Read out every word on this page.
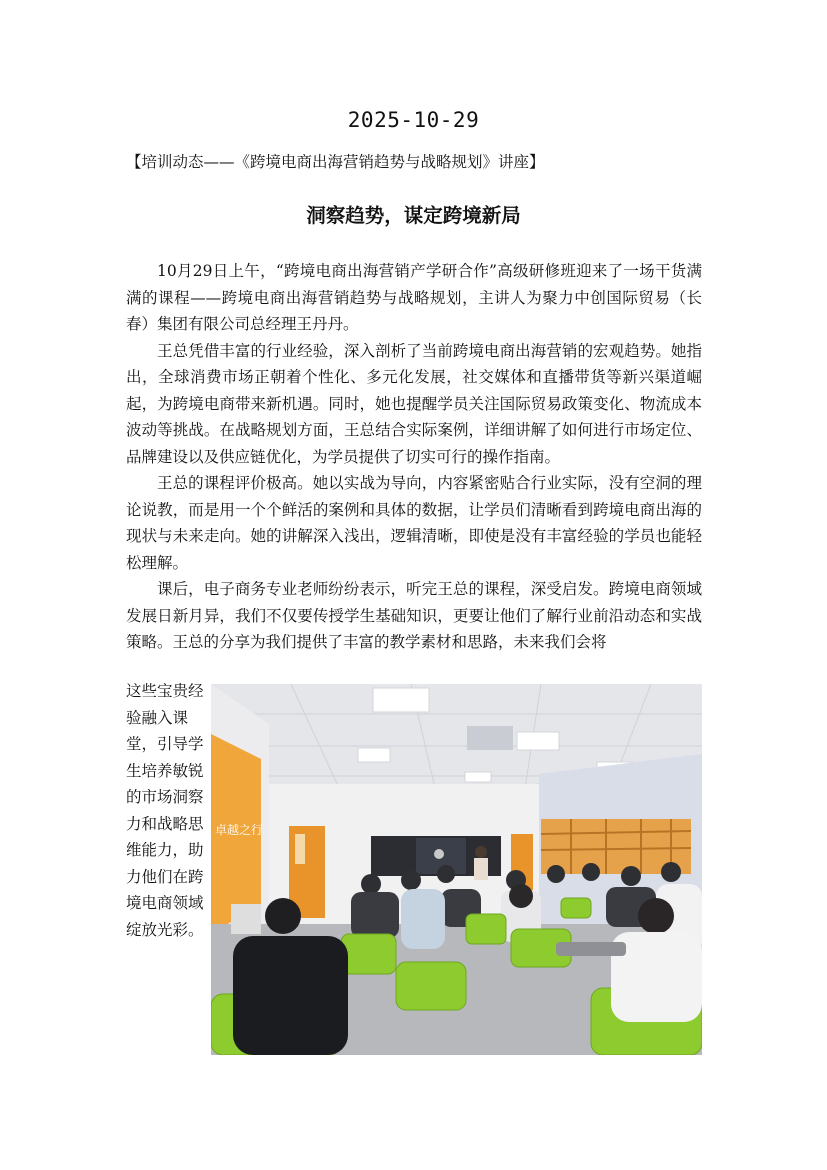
2025-10-29
【培训动态——《跨境电商出海营销趋势与战略规划》讲座】
洞察趋势，谋定跨境新局

10月29日上午，“跨境电商出海营销产学研合作”高级研修班迎来了一场干货满满的课程——跨境电商出海营销趋势与战略规划，主讲人为聚力中创国际贸易（长春）集团有限公司总经理王丹丹。

王总凭借丰富的行业经验，深入剖析了当前跨境电商出海营销的宏观趋势。她指出，全球消费市场正朝着个性化、多元化发展，社交媒体和直播带货等新兴渠道崛起，为跨境电商带来新机遇。同时，她也提醒学员关注国际贸易政策变化、物流成本波动等挑战。在战略规划方面，王总结合实际案例，详细讲解了如何进行市场定位、品牌建设以及供应链优化，为学员提供了切实可行的操作指南。

王总的课程评价极高。她以实战为导向，内容紧密贴合行业实际，没有空洞的理论说教，而是用一个个鲜活的案例和具体的数据，让学员们清晰看到跨境电商出海的现状与未来走向。她的讲解深入浅出，逻辑清晰，即使是没有丰富经验的学员也能轻松理解。

课后，电子商务专业老师纷纷表示，听完王总的课程，深受启发。跨境电商领域发展日新月异，我们不仅要传授学生基础知识，更要让他们了解行业前沿动态和实战策略。王总的分享为我们提供了丰富的教学素材和思路，未来我们会将

这些宝贵经验融入课堂，引导学生培养敏锐的市场洞察力和战略思维能力，助力他们在跨境电商领域绽放光彩。
卓越之行
